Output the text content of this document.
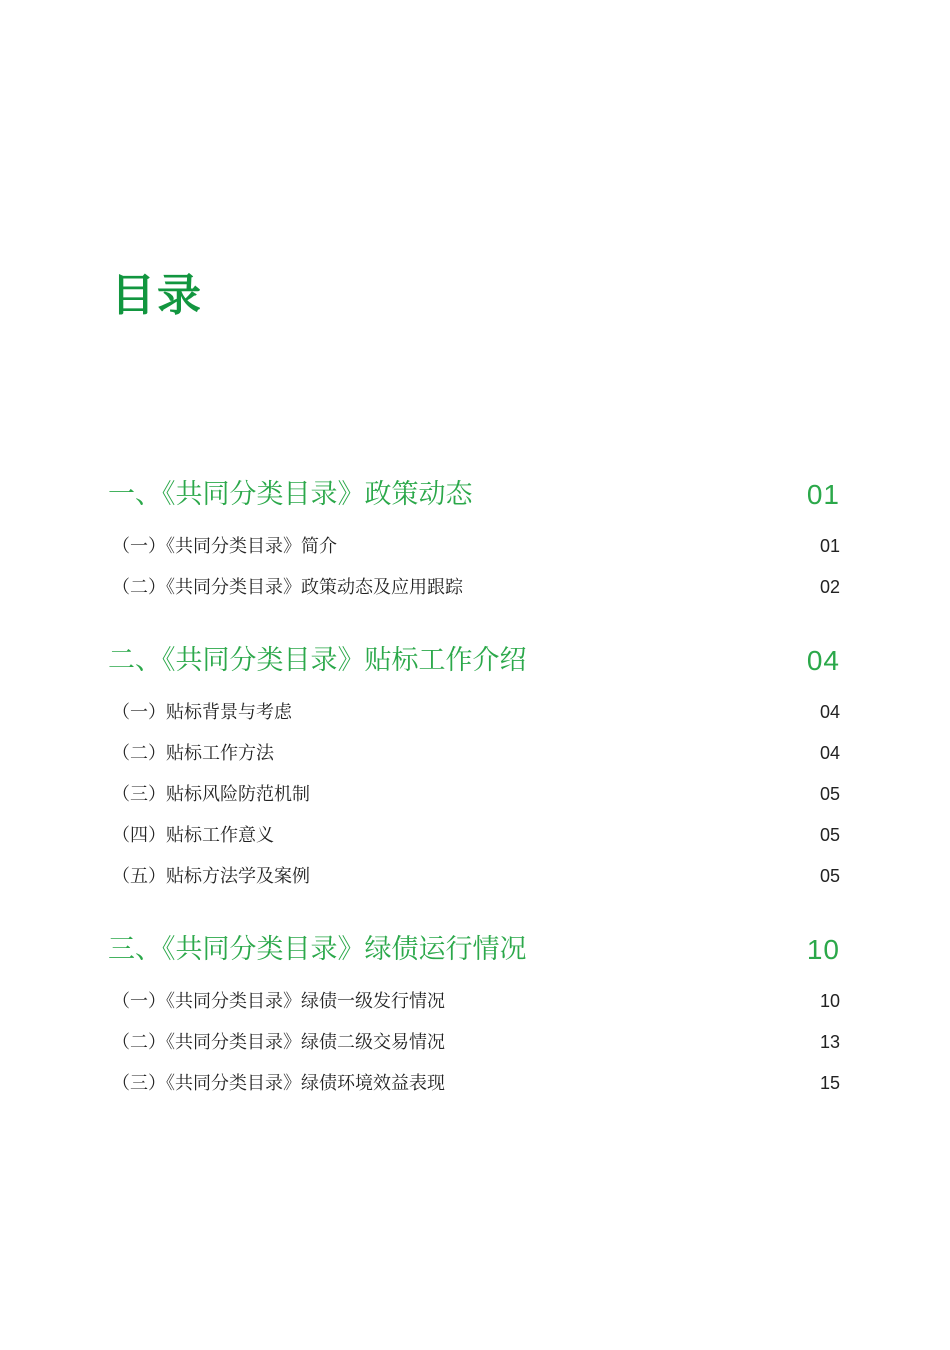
目录
一、《共同分类目录》政策动态	01
（一）《共同分类目录》简介	01
（二）《共同分类目录》政策动态及应用跟踪	02
二、《共同分类目录》贴标工作介绍	04
（一）贴标背景与考虑	04
（二）贴标工作方法	04
（三）贴标风险防范机制	05
（四）贴标工作意义	05
（五）贴标方法学及案例	05
三、《共同分类目录》绿债运行情况	10
（一）《共同分类目录》绿债一级发行情况	10
（二）《共同分类目录》绿债二级交易情况	13
（三）《共同分类目录》绿债环境效益表现	15
